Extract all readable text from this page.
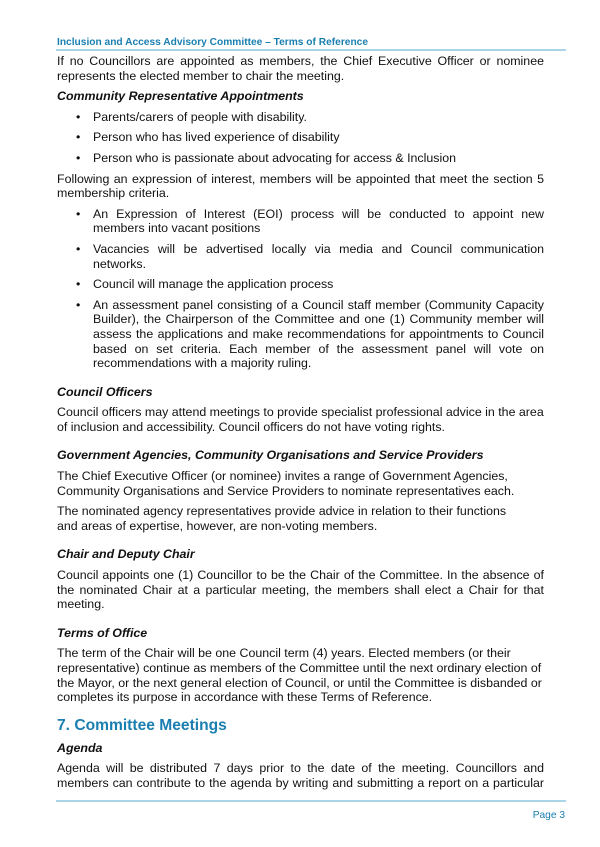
Inclusion and Access Advisory Committee – Terms of Reference

If no Councillors are appointed as members, the Chief Executive Officer or nominee represents the elected member to chair the meeting.

Community Representative Appointments
• Parents/carers of people with disability.
• Person who has lived experience of disability
• Person who is passionate about advocating for access & Inclusion

Following an expression of interest, members will be appointed that meet the section 5 membership criteria.

• An Expression of Interest (EOI) process will be conducted to appoint new members into vacant positions
• Vacancies will be advertised locally via media and Council communication networks.
• Council will manage the application process
• An assessment panel consisting of a Council staff member (Community Capacity Builder), the Chairperson of the Committee and one (1) Community member will assess the applications and make recommendations for appointments to Council based on set criteria. Each member of the assessment panel will vote on recommendations with a majority ruling.
Council Officers

Council officers may attend meetings to provide specialist professional advice in the area of inclusion and accessibility. Council officers do not have voting rights.

Government Agencies, Community Organisations and Service Providers

The Chief Executive Officer (or nominee) invites a range of Government Agencies, Community Organisations and Service Providers to nominate representatives each.

The nominated agency representatives provide advice in relation to their functions
and areas of expertise, however, are non-voting members.

Chair and Deputy Chair

Council appoints one (1) Councillor to be the Chair of the Committee. In the absence of the nominated Chair at a particular meeting, the members shall elect a Chair for that meeting.

Terms of Office

The term of the Chair will be one Council term (4) years. Elected members (or their representative) continue as members of the Committee until the next ordinary election of the Mayor, or the next general election of Council, or until the Committee is disbanded or completes its purpose in accordance with these Terms of Reference.

7. Committee Meetings
Agenda

Agenda will be distributed 7 days prior to the date of the meeting. Councillors and members can contribute to the agenda by writing and submitting a report on a particular

Page 3
